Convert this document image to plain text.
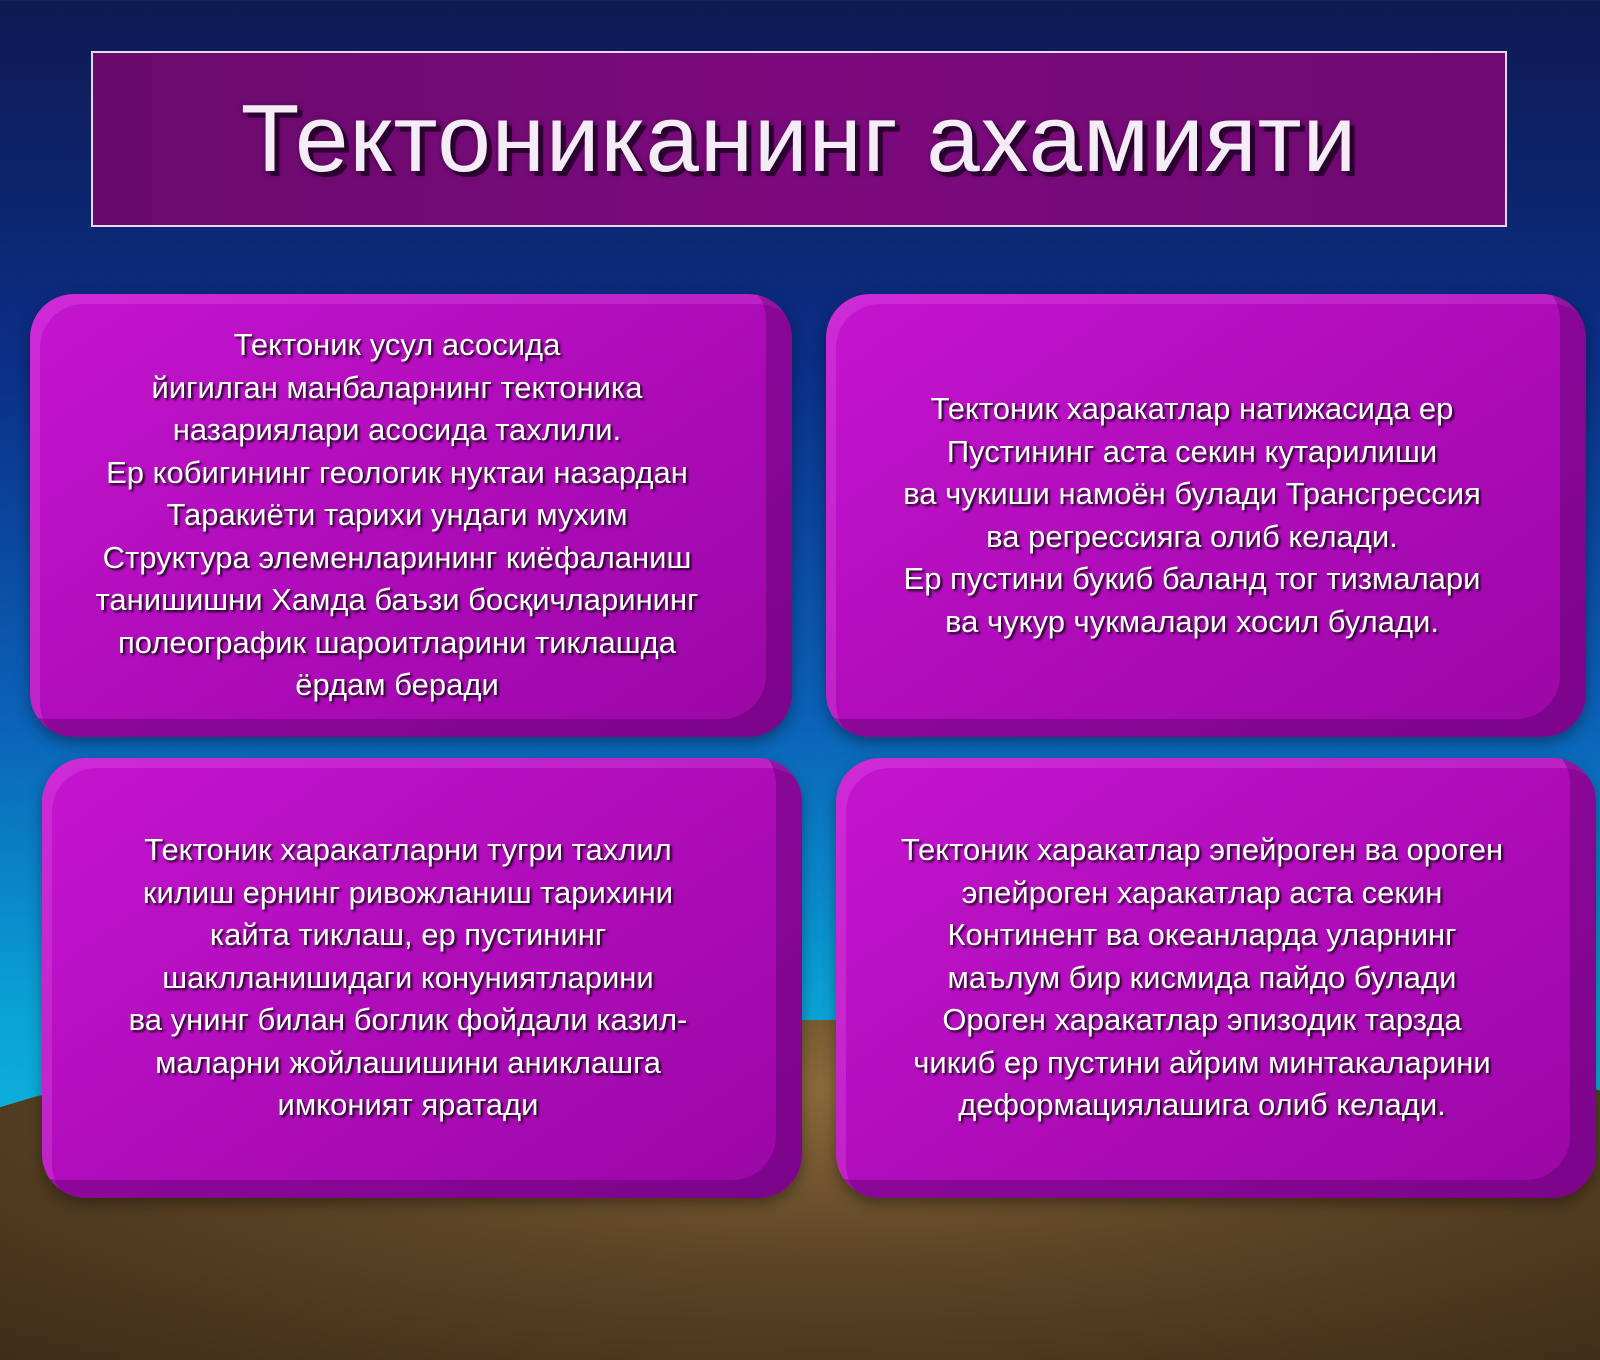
Тектониканинг ахамияти

Тектоник усул асосида
йигилган манбаларнинг тектоника
назариялари асосида тахлили.
Ер кобигининг геологик нуктаи назардан
Таракиёти тарихи ундаги мухим
Структура элеменларининг киёфаланиш
танишишни Хамда баъзи босқичларининг
полеографик шароитларини тиклашда
ёрдам беради

Тектоник харакатлар натижасида ер
Пустининг аста секин кутарилиши
ва чукиши намоён булади Трансгрессия
ва регрессияга олиб келади.
Ер пустини букиб баланд тог тизмалари
ва чукур чукмалари хосил булади.

Тектоник харакатларни тугри тахлил
килиш ернинг ривожланиш тарихини
кайта тиклаш, ер пустининг
шаклланишидаги конуниятларини
ва унинг билан боглик фойдали казил-
маларни жойлашишини аниклашга
имконият яратади

Тектоник харакатлар эпейроген ва ороген
эпейроген харакатлар аста секин
Континент ва океанларда уларнинг
маълум бир кисмида пайдо булади
Ороген харакатлар эпизодик тарзда
чикиб ер пустини айрим минтакаларини
деформациялашига олиб келади.
